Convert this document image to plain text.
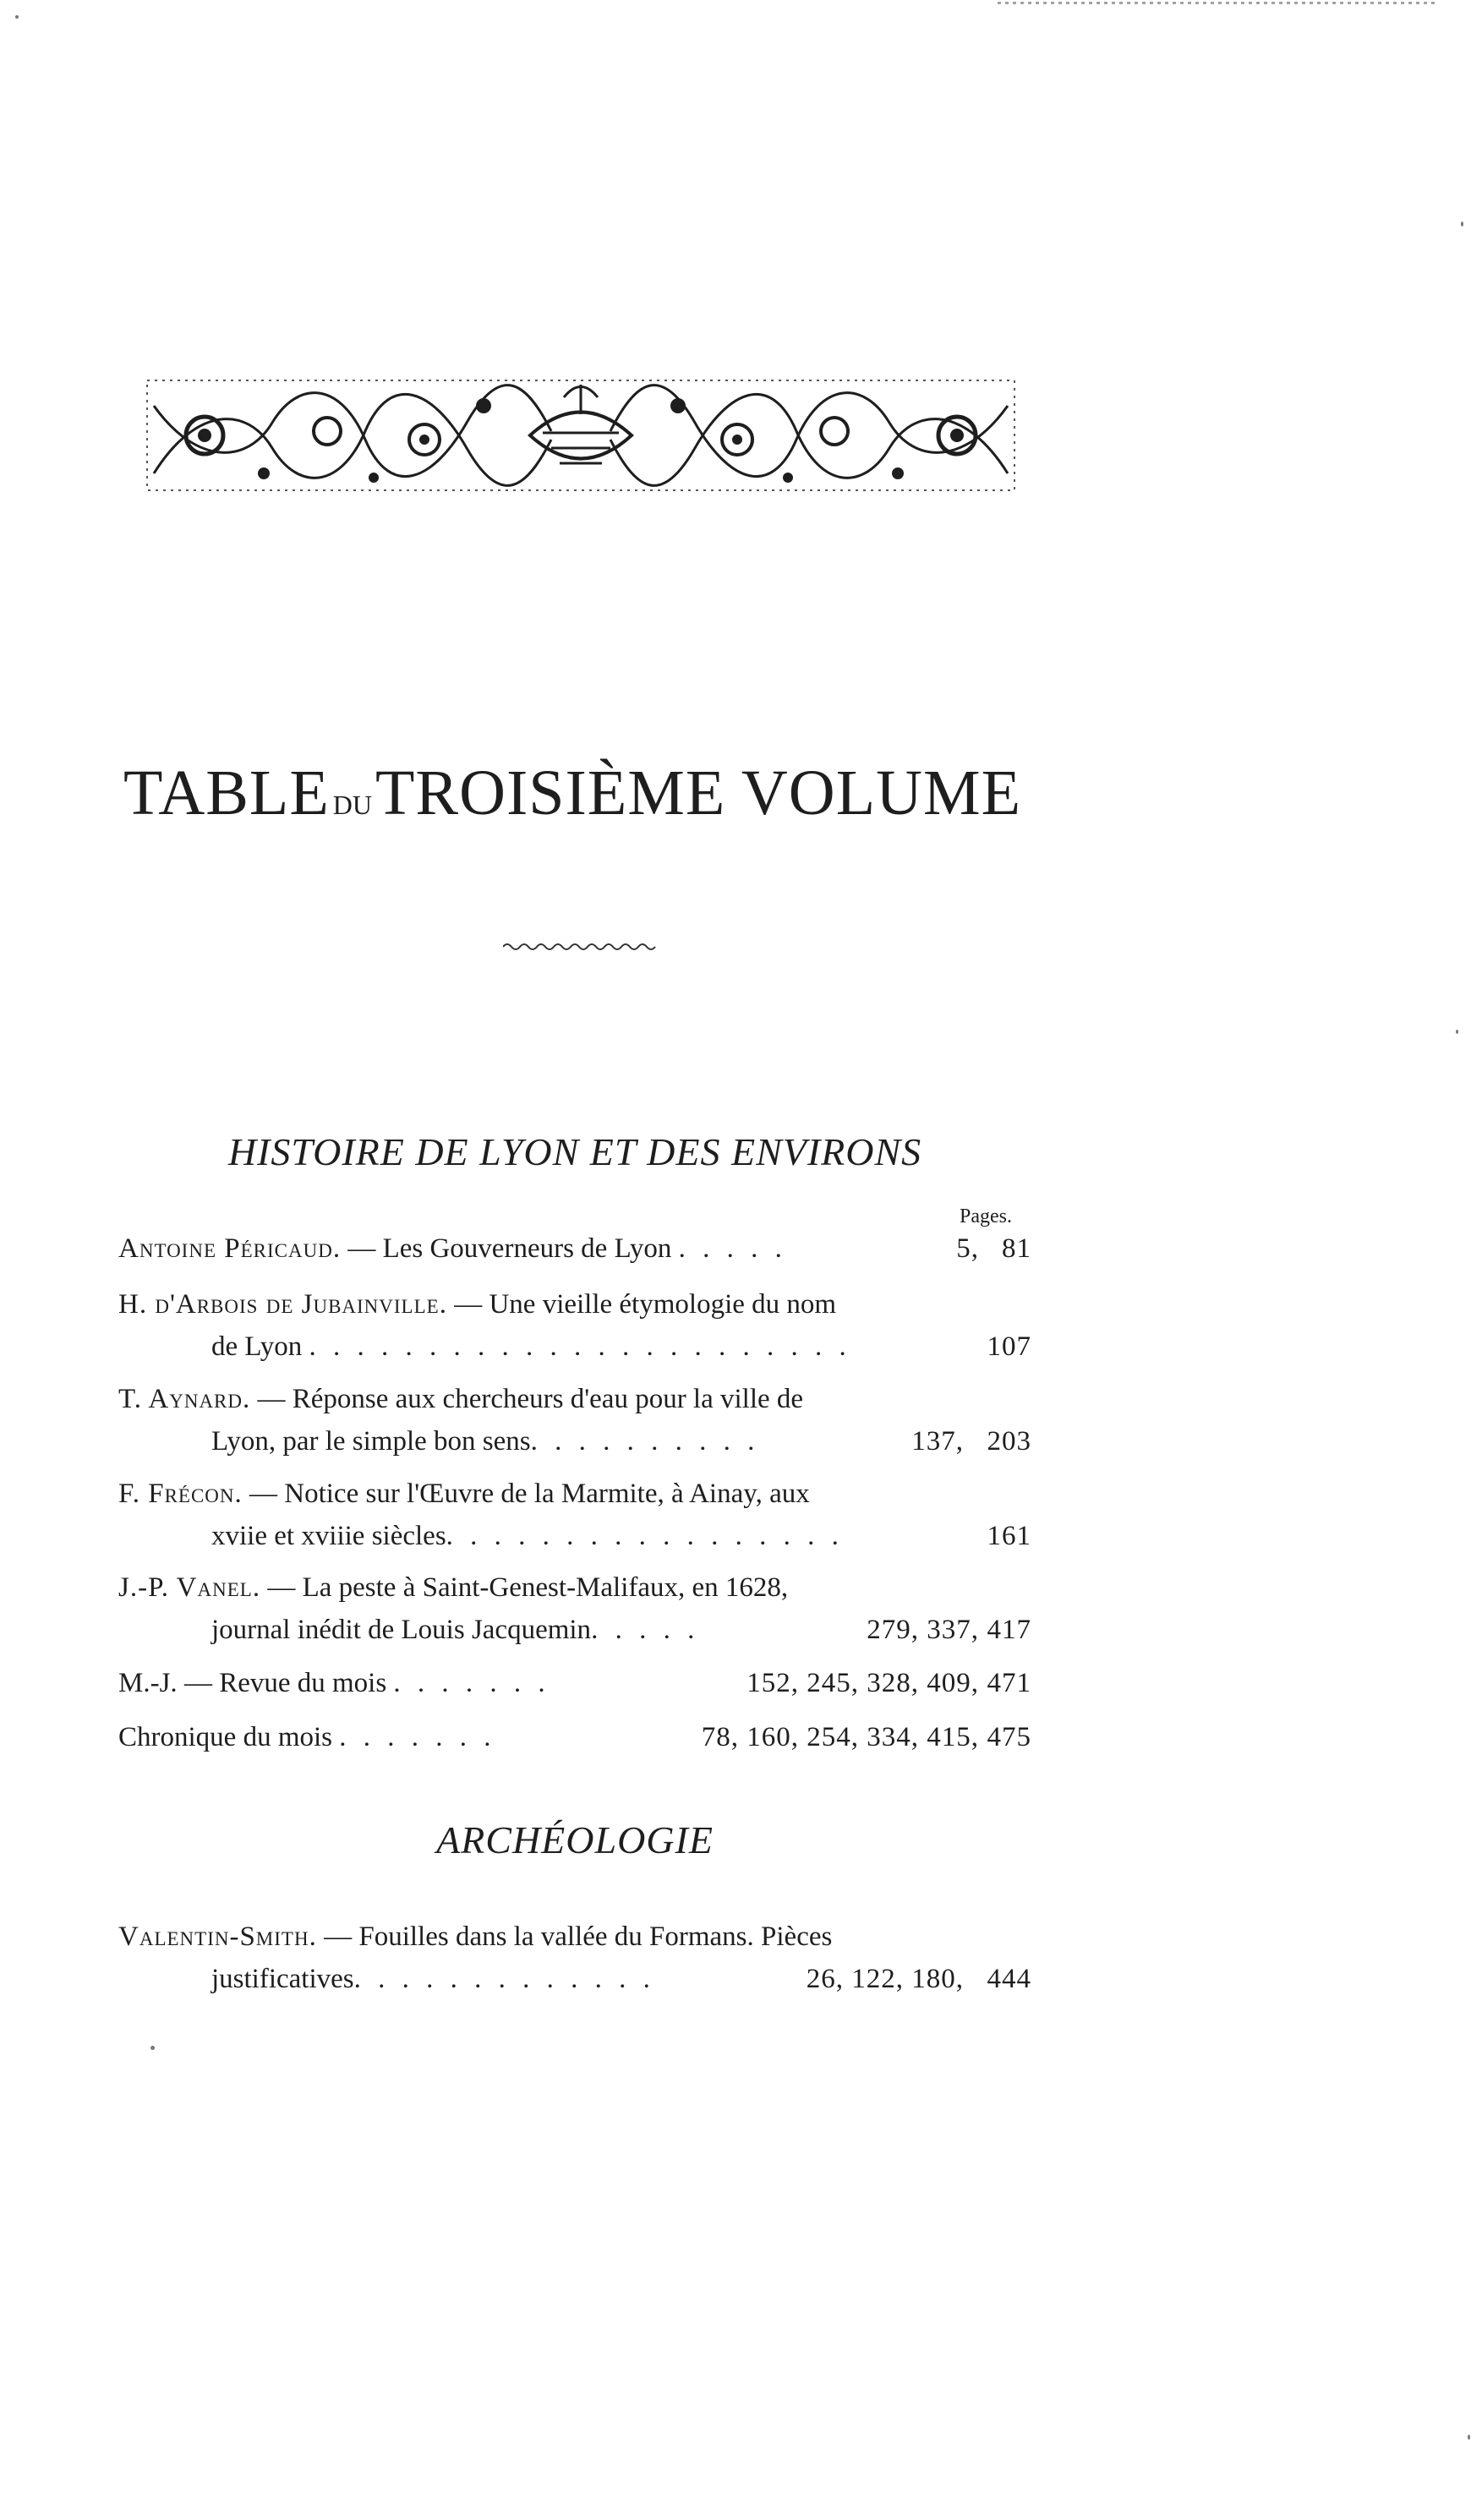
TABLE du TROISIÈME VOLUME
HISTOIRE DE LYON ET DES ENVIRONS
Pages.
Antoine Péricaud. — Les Gouverneurs de Lyon . . . . .	5, 81
H. d'Arbois de Jubainville. — Une vieille étymologie du nom
de Lyon . . . . . . . . . . . . . . . . . . . . . . .	107
T. Aynard. — Réponse aux chercheurs d'eau pour la ville de
Lyon, par le simple bon sens. . . . . . . . . .	137, 203
F. Frécon. — Notice sur l'Œuvre de la Marmite, à Ainay, aux
xviie et xviiie siècles. . . . . . . . . . . . . . . . .	161
J.-P. Vanel. — La peste à Saint-Genest-Malifaux, en 1628,
journal inédit de Louis Jacquemin. . . . .	279, 337, 417
M.-J. — Revue du mois . . . . . . .	152, 245, 328, 409, 471
Chronique du mois . . . . . . .	78, 160, 254, 334, 415, 475
ARCHÉOLOGIE
Valentin-Smith. — Fouilles dans la vallée du Formans. Pièces
justificatives. . . . . . . . . . . . .	26, 122, 180, 444
